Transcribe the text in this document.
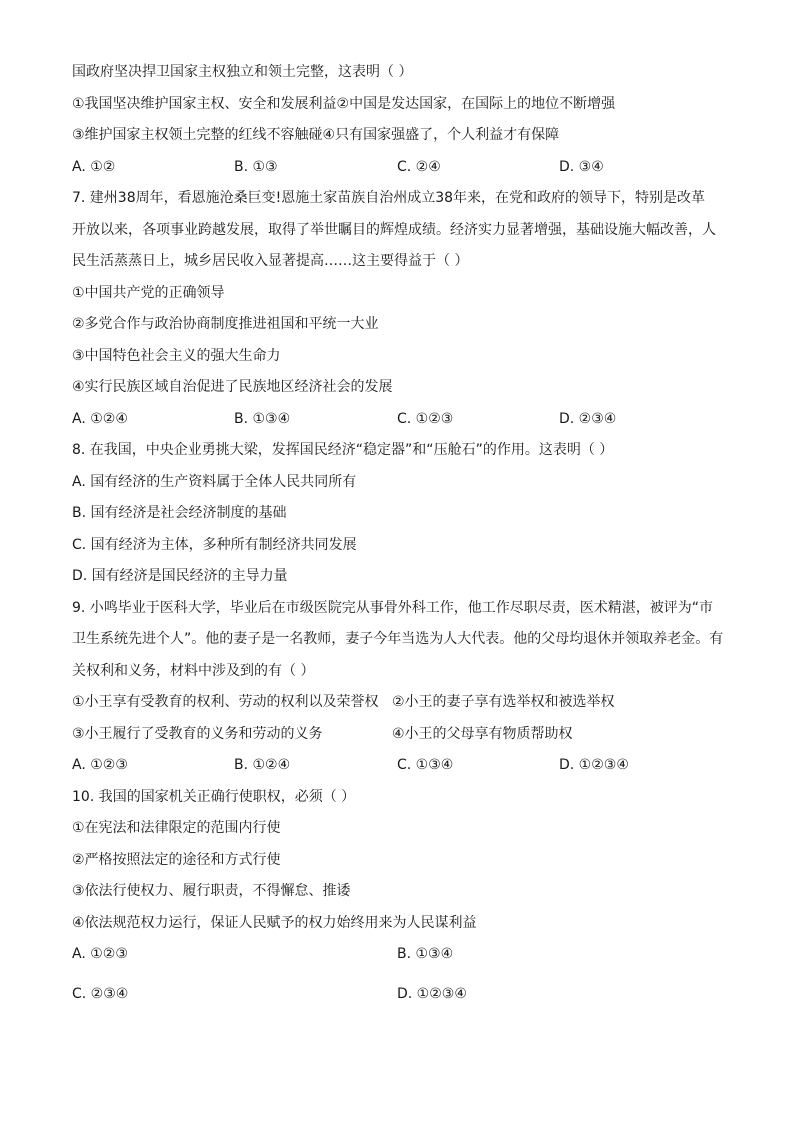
国政府坚决捍卫国家主权独立和领土完整，这表明（ ）
①我国坚决维护国家主权、安全和发展利益②中国是发达国家，在国际上的地位不断增强
③维护国家主权领土完整的红线不容触碰④只有国家强盛了，个人利益才有保障
A. ①②	B. ①③	C. ②④	D. ③④
7. 建州38周年，看恩施沧桑巨变!恩施土家苗族自治州成立38年来，在党和政府的领导下，特别是改革
开放以来，各项事业跨越发展，取得了举世瞩目的辉煌成绩。经济实力显著增强，基础设施大幅改善，人
民生活蒸蒸日上，城乡居民收入显著提高……这主要得益于（ ）
①中国共产党的正确领导
②多党合作与政治协商制度推进祖国和平统一大业
③中国特色社会主义的强大生命力
④实行民族区域自治促进了民族地区经济社会的发展
A. ①②④	B. ①③④	C. ①②③	D. ②③④
8. 在我国，中央企业勇挑大梁，发挥国民经济“稳定器”和“压舱石”的作用。这表明（ ）
A. 国有经济的生产资料属于全体人民共同所有
B. 国有经济是社会经济制度的基础
C. 国有经济为主体，多种所有制经济共同发展
D. 国有经济是国民经济的主导力量
9. 小鸣毕业于医科大学，毕业后在市级医院完从事骨外科工作，他工作尽职尽责，医术精湛，被评为“市
卫生系统先进个人”。他的妻子是一名教师，妻子今年当选为人大代表。他的父母均退休并领取养老金。有
关权利和义务，材料中涉及到的有（ ）
①小王享有受教育的权利、劳动的权利以及荣誉权 ②小王的妻子享有选举权和被选举权
③小王履行了受教育的义务和劳动的义务	④小王的父母享有物质帮助权
A. ①②③	B. ①②④	C. ①③④	D. ①②③④
10. 我国的国家机关正确行使职权，必须（ ）
①在宪法和法律限定的范围内行使
②严格按照法定的途径和方式行使
③依法行使权力、履行职责，不得懈怠、推诿
④依法规范权力运行，保证人民赋予的权力始终用来为人民谋利益
A. ①②③	B. ①③④
C. ②③④	D. ①②③④
